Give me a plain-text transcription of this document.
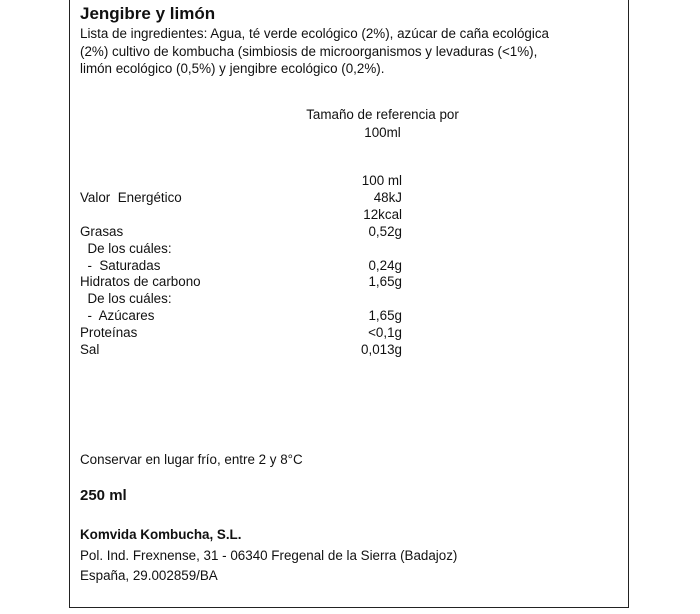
Jengibre y limón
Lista de ingredientes: Agua, té verde ecológico (2%), azúcar de caña ecológica
(2%) cultivo de kombucha (simbiosis de microorganismos y levaduras (<1%),
limón ecológico (0,5%) y jengibre ecológico (0,2%).
Tamaño de referencia por
100ml
100 ml
Valor  Energético	48kJ
12kcal
Grasas	0,52g
De los cuáles:
-  Saturadas	0,24g
Hidratos de carbono	1,65g
De los cuáles:
-  Azúcares	1,65g
Proteínas	<0,1g
Sal	0,013g
Conservar en lugar frío, entre 2 y 8°C
250 ml
Komvida Kombucha, S.L.
Pol. Ind. Frexnense, 31 - 06340 Fregenal de la Sierra (Badajoz)
España, 29.002859/BA
